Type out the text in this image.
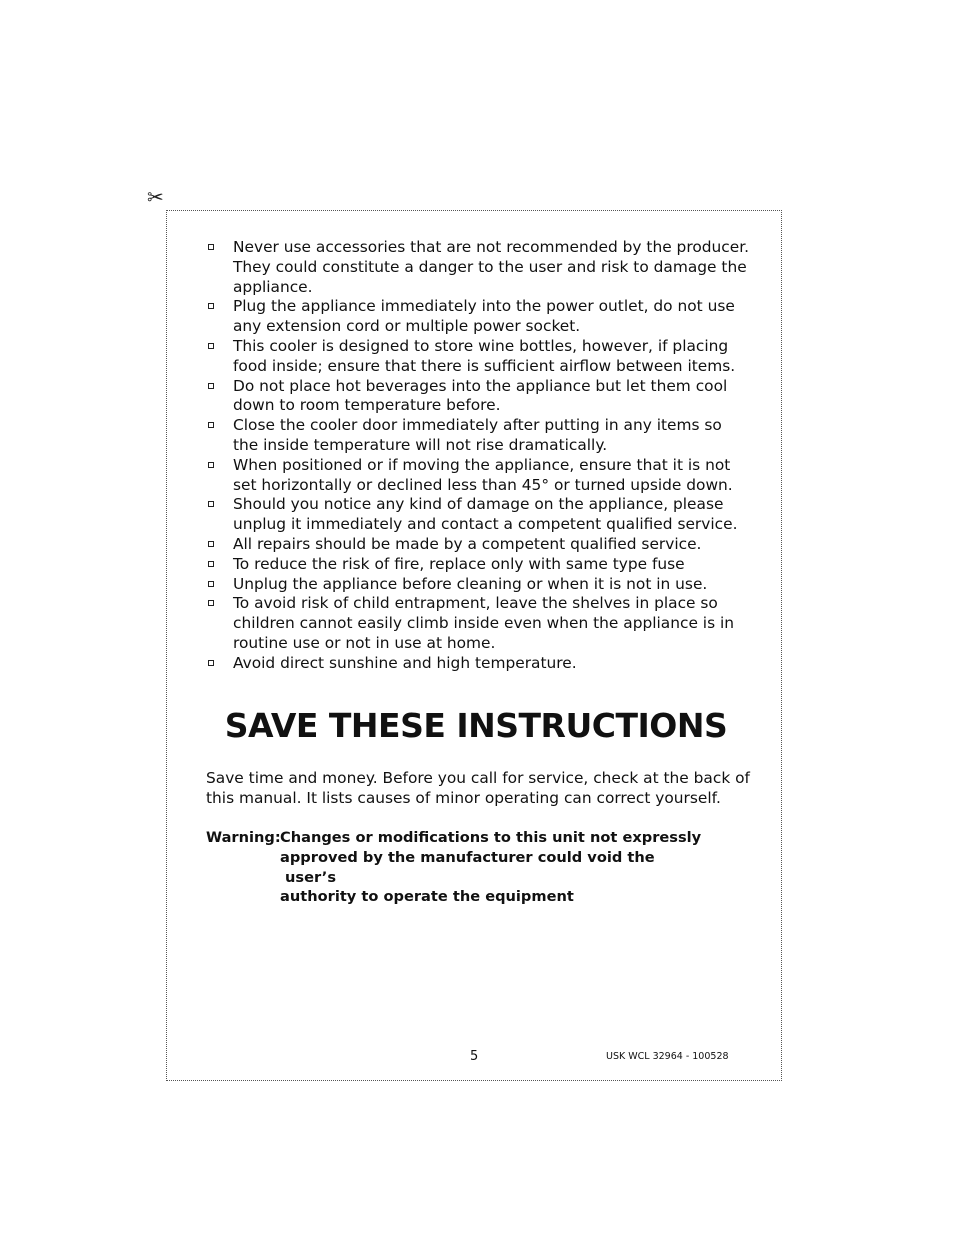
✂
Never use accessories that are not recommended by the producer. They could constitute a danger to the user and risk to damage the appliance.
Plug the appliance immediately into the power outlet, do not use any extension cord or multiple power socket.
This cooler is designed to store wine bottles, however, if placing food inside; ensure that there is sufficient airflow between items.
Do not place hot beverages into the appliance but let them cool down to room temperature before.
Close the cooler door immediately after putting in any items so the inside temperature will not rise dramatically.
When positioned or if moving the appliance, ensure that it is not set horizontally or declined less than 45° or turned upside down.
Should you notice any kind of damage on the appliance, please unplug it immediately and contact a competent qualified service.
All repairs should be made by a competent qualified service.
To reduce the risk of fire, replace only with same type fuse
Unplug the appliance before cleaning or when it is not in use.
To avoid risk of child entrapment, leave the shelves in place so children cannot easily climb inside even when the appliance is in routine use or not in use at home.
Avoid direct sunshine and high temperature.
SAVE THESE INSTRUCTIONS

Save time and money. Before you call for service, check at the back of this manual. It lists causes of minor operating can correct yourself.

Warning: Changes or modifications to this unit not expressly
approved by the manufacturer could void the user’s
authority to operate the equipment
5	USK WCL 32964 - 100528
